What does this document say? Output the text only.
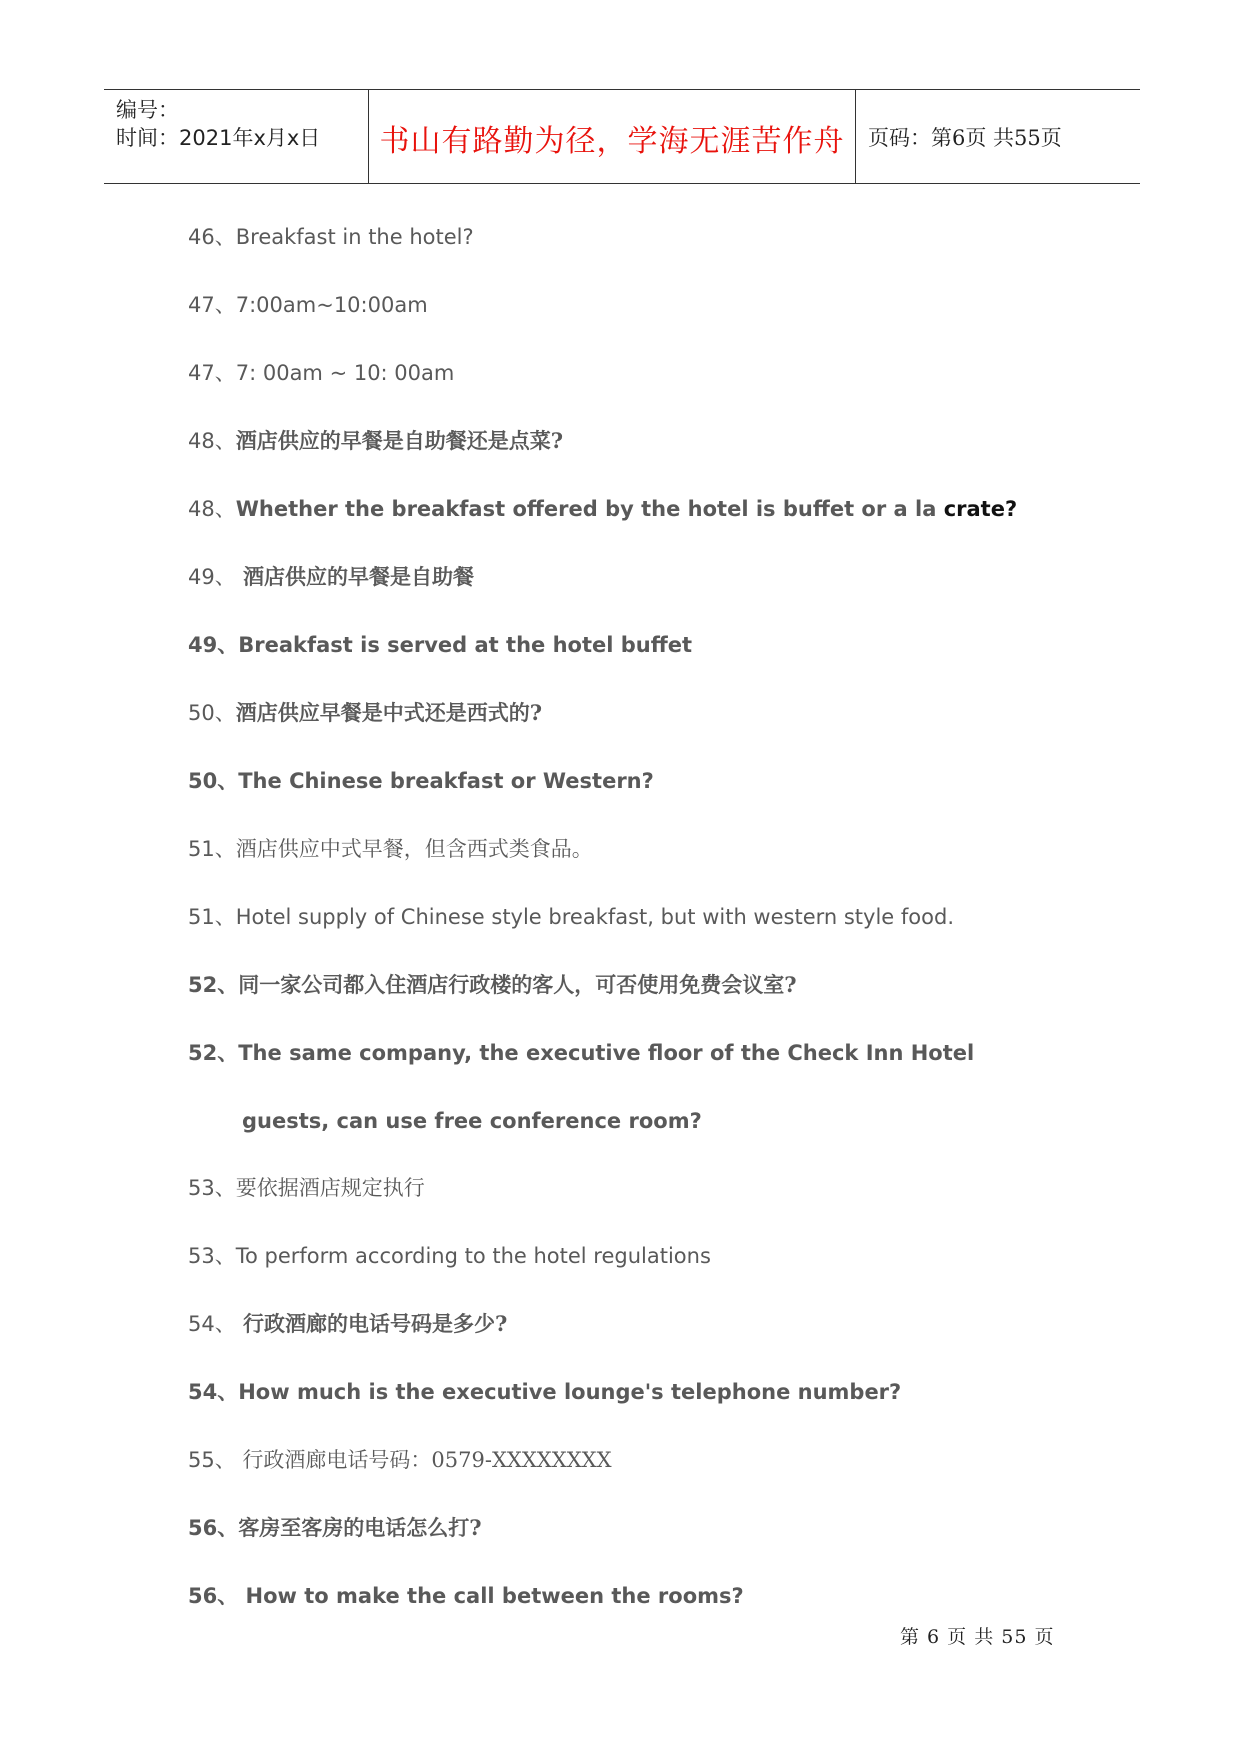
编号：
时间：2021年x月x日	书山有路勤为径，学海无涯苦作舟	页码：第6页 共55页
46、Breakfast in the hotel?
47、7:00am~10:00am
47、7: 00am ~ 10: 00am
48、酒店供应的早餐是自助餐还是点菜?
48、Whether the breakfast offered by the hotel is buffet or a la crate?
49、 酒店供应的早餐是自助餐
49、Breakfast is served at the hotel buffet
50、酒店供应早餐是中式还是西式的?
50、The Chinese breakfast or Western?
51、酒店供应中式早餐，但含西式类食品。
51、Hotel supply of Chinese style breakfast, but with western style food.
52、同一家公司都入住酒店行政楼的客人，可否使用免费会议室?
52、The same company, the executive floor of the Check Inn Hotel
guests, can use free conference room?
53、要依据酒店规定执行
53、To perform according to the hotel regulations
54、 行政酒廊的电话号码是多少?
54、How much is the executive lounge's telephone number?
55、 行政酒廊电话号码：0579-XXXXXXXX
56、客房至客房的电话怎么打?
56、 How to make the call between the rooms?
第 6 页 共 55 页
